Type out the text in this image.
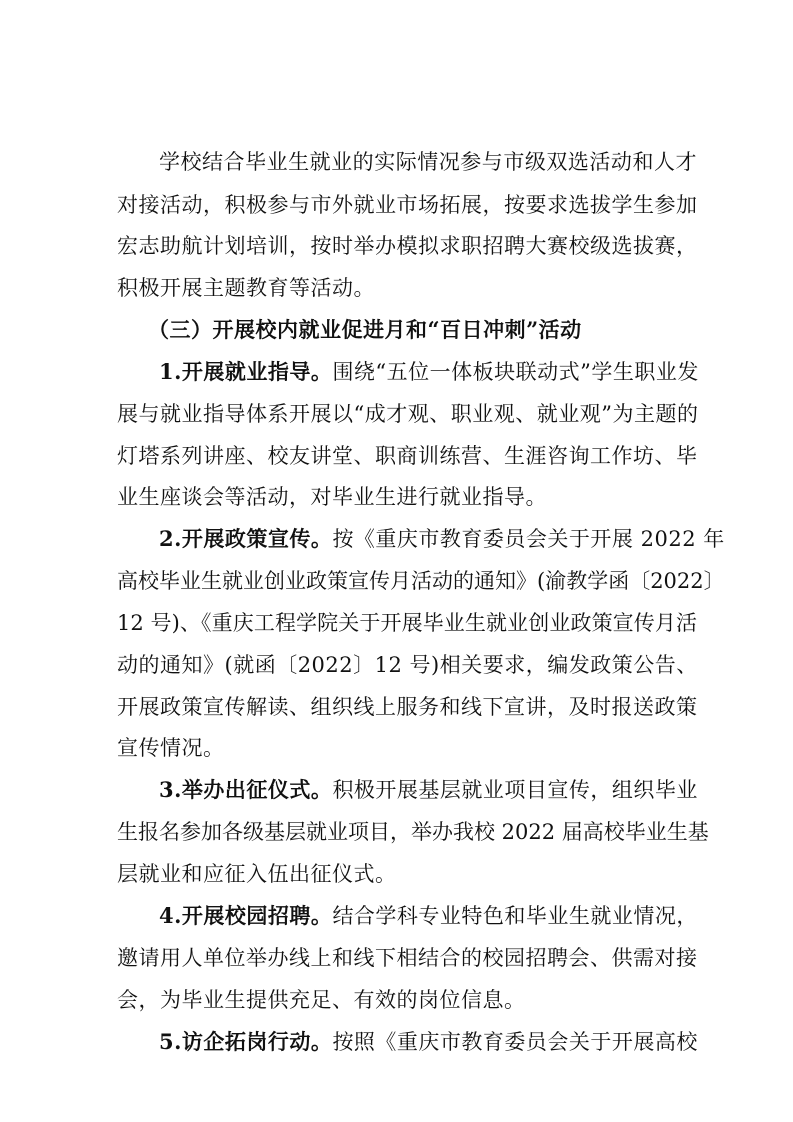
学校结合毕业生就业的实际情况参与市级双选活动和人才
对接活动，积极参与市外就业市场拓展，按要求选拔学生参加
宏志助航计划培训，按时举办模拟求职招聘大赛校级选拔赛，
积极开展主题教育等活动。
（三）开展校内就业促进月和“百日冲刺”活动
1.开展就业指导。围绕“五位一体板块联动式”学生职业发
展与就业指导体系开展以“成才观、职业观、就业观”为主题的
灯塔系列讲座、校友讲堂、职商训练营、生涯咨询工作坊、毕
业生座谈会等活动，对毕业生进行就业指导。
2.开展政策宣传。按《重庆市教育委员会关于开展 2022 年
高校毕业生就业创业政策宣传月活动的通知》(渝教学函〔2022〕
12 号)、《重庆工程学院关于开展毕业生就业创业政策宣传月活
动的通知》(就函〔2022〕12 号)相关要求，编发政策公告、
开展政策宣传解读、组织线上服务和线下宣讲，及时报送政策
宣传情况。
3.举办出征仪式。积极开展基层就业项目宣传，组织毕业
生报名参加各级基层就业项目，举办我校 2022 届高校毕业生基
层就业和应征入伍出征仪式。
4.开展校园招聘。结合学科专业特色和毕业生就业情况，
邀请用人单位举办线上和线下相结合的校园招聘会、供需对接
会，为毕业生提供充足、有效的岗位信息。
5.访企拓岗行动。按照《重庆市教育委员会关于开展高校
